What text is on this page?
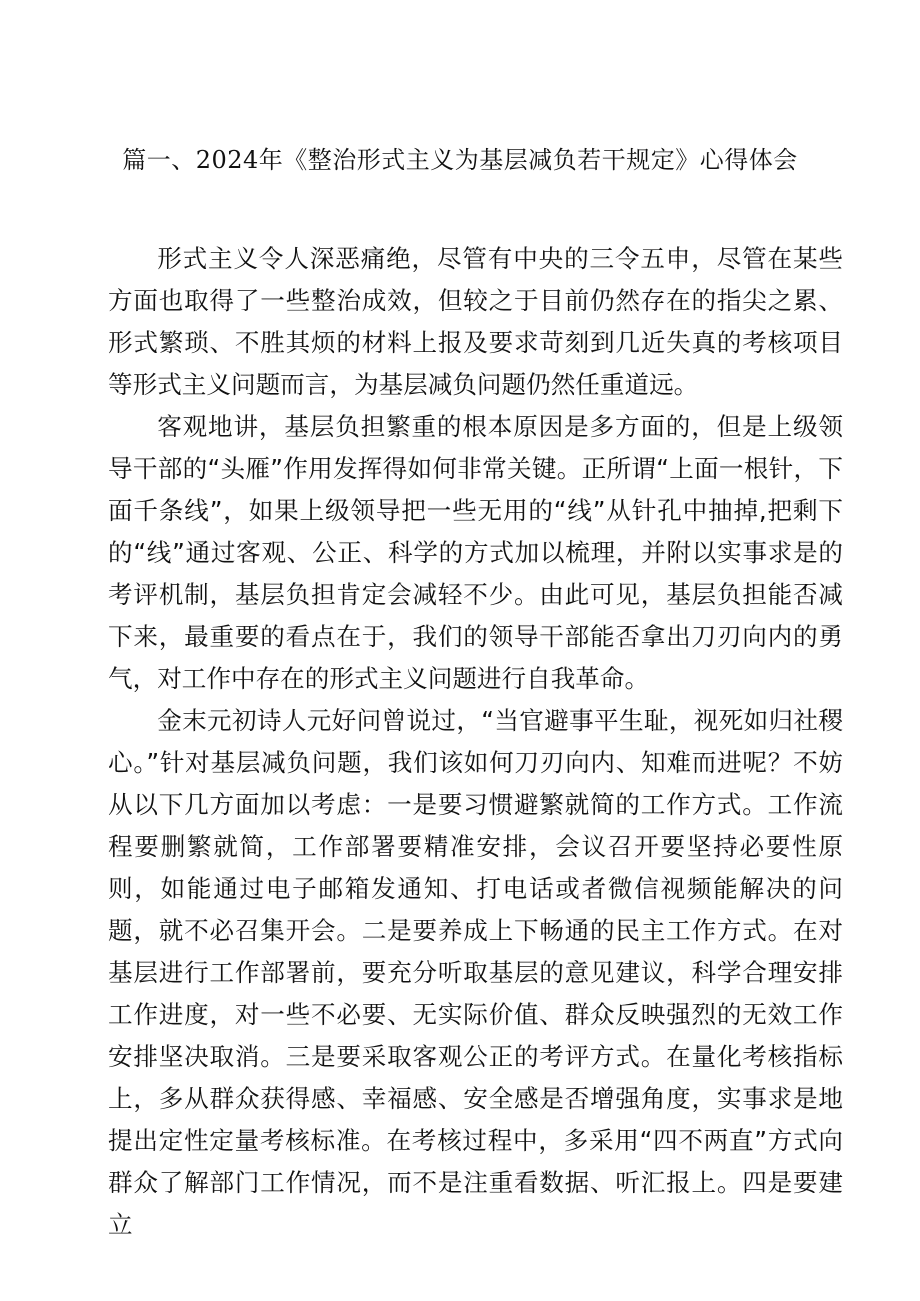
篇一、2024年《整治形式主义为基层减负若干规定》心得体会

形式主义令人深恶痛绝，尽管有中央的三令五申，尽管在某些方面也取得了一些整治成效，但较之于目前仍然存在的指尖之累、形式繁琐、不胜其烦的材料上报及要求苛刻到几近失真的考核项目等形式主义问题而言，为基层减负问题仍然任重道远。

客观地讲，基层负担繁重的根本原因是多方面的，但是上级领导干部的“头雁”作用发挥得如何非常关键。正所谓“上面一根针，下面千条线”，如果上级领导把一些无用的“线”从针孔中抽掉,把剩下的“线”通过客观、公正、科学的方式加以梳理，并附以实事求是的考评机制，基层负担肯定会减轻不少。由此可见，基层负担能否减下来，最重要的看点在于，我们的领导干部能否拿出刀刃向内的勇气，对工作中存在的形式主义问题进行自我革命。

金末元初诗人元好问曾说过，“当官避事平生耻，视死如归社稷心。”针对基层减负问题，我们该如何刀刃向内、知难而进呢？不妨从以下几方面加以考虑：一是要习惯避繁就简的工作方式。工作流程要删繁就简，工作部署要精准安排，会议召开要坚持必要性原则，如能通过电子邮箱发通知、打电话或者微信视频能解决的问题，就不必召集开会。二是要养成上下畅通的民主工作方式。在对基层进行工作部署前，要充分听取基层的意见建议，科学合理安排工作进度，对一些不必要、无实际价值、群众反映强烈的无效工作安排坚决取消。三是要采取客观公正的考评方式。在量化考核指标上，多从群众获得感、幸福感、安全感是否增强角度，实事求是地提出定性定量考核标准。在考核过程中，多采用“四不两直”方式向群众了解部门工作情况，而不是注重看数据、听汇报上。四是要建立
